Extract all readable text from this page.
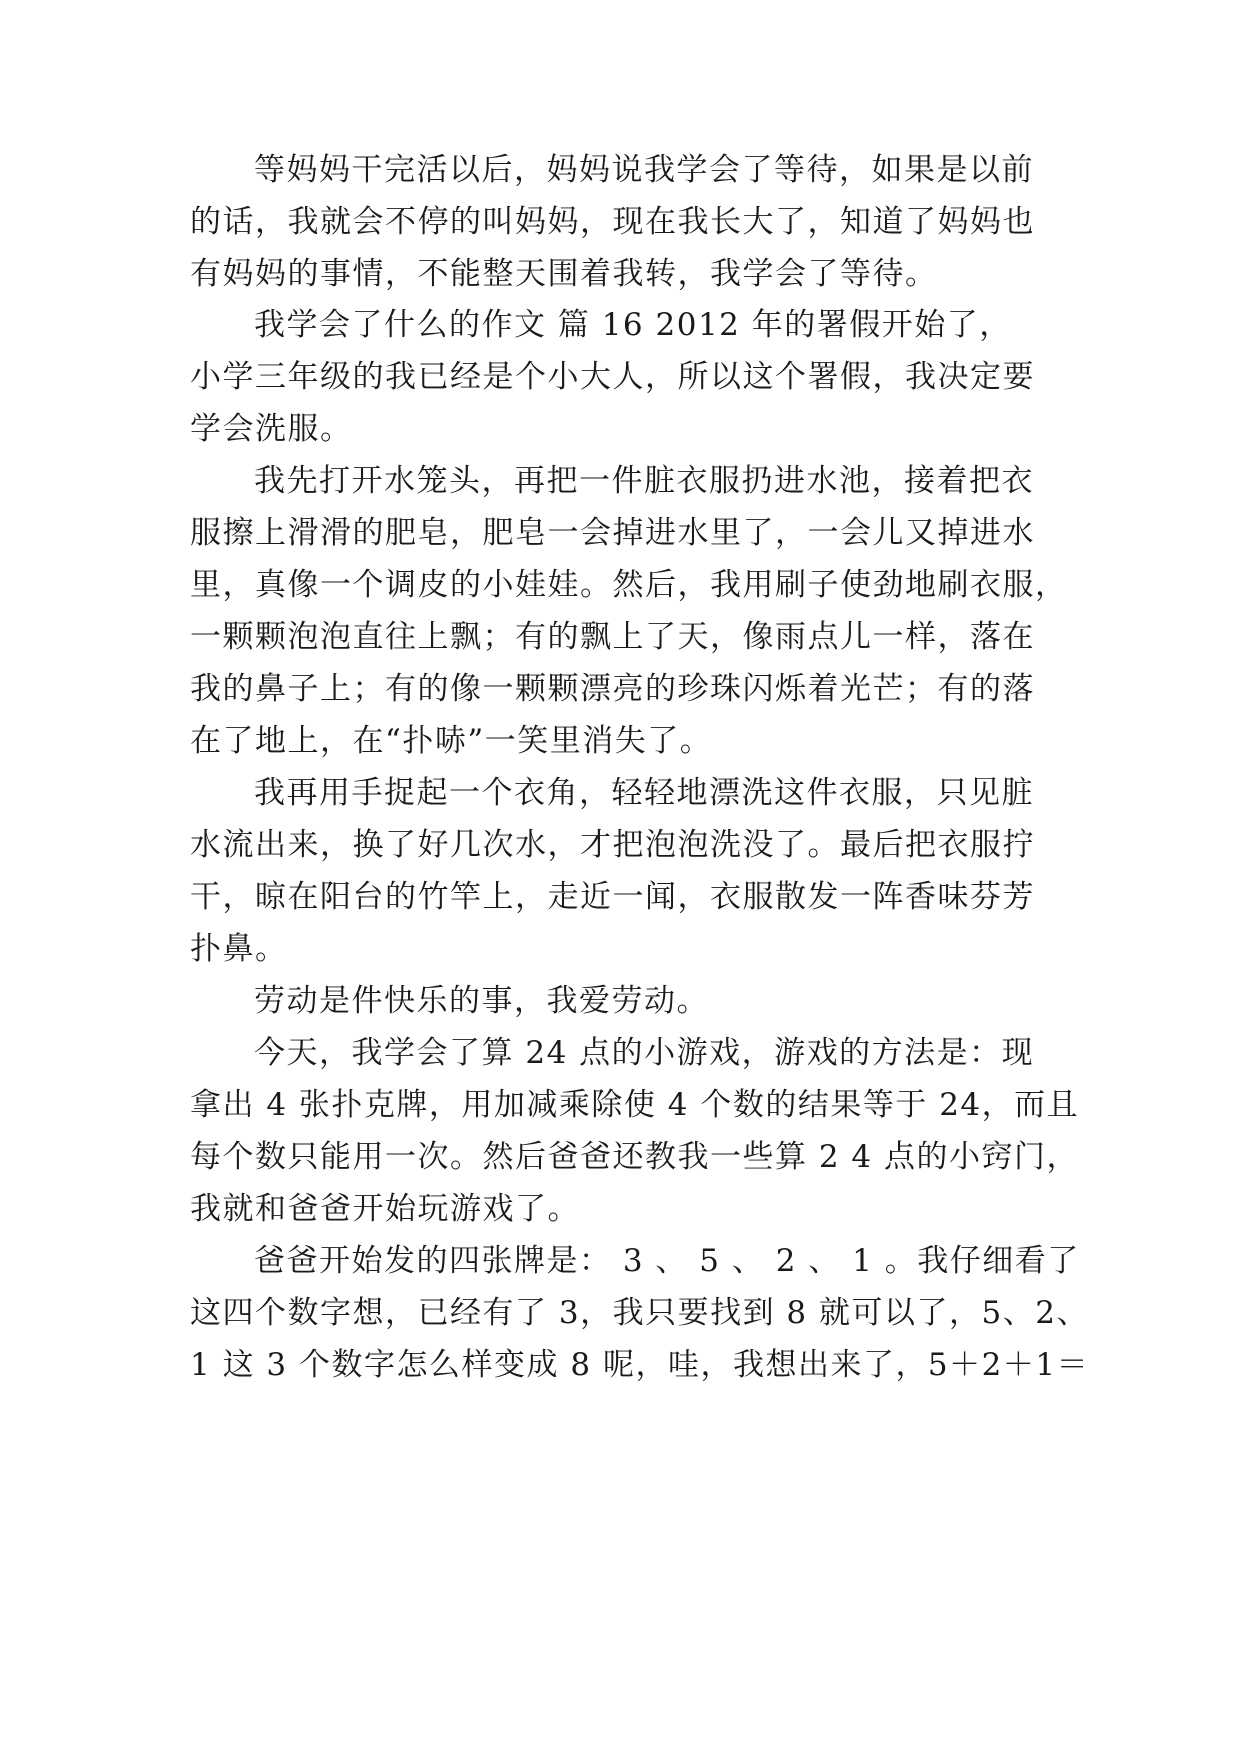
等妈妈干完活以后，妈妈说我学会了等待，如果是以前
的话，我就会不停的叫妈妈，现在我长大了，知道了妈妈也
有妈妈的事情，不能整天围着我转，我学会了等待。
我学会了什么的作文 篇 16 2012 年的署假开始了，
小学三年级的我已经是个小大人，所以这个署假，我决定要
学会洗服。
我先打开水笼头，再把一件脏衣服扔进水池，接着把衣
服擦上滑滑的肥皂，肥皂一会掉进水里了，一会儿又掉进水
里，真像一个调皮的小娃娃。然后，我用刷子使劲地刷衣服，
一颗颗泡泡直往上飘；有的飘上了天，像雨点儿一样，落在
我的鼻子上；有的像一颗颗漂亮的珍珠闪烁着光芒；有的落
在了地上，在“扑哧”一笑里消失了。
我再用手捉起一个衣角，轻轻地漂洗这件衣服，只见脏
水流出来，换了好几次水，才把泡泡洗没了。最后把衣服拧
干，晾在阳台的竹竿上，走近一闻，衣服散发一阵香味芬芳
扑鼻。
劳动是件快乐的事，我爱劳动。
今天，我学会了算 24 点的小游戏，游戏的方法是：现
拿出 4 张扑克牌，用加减乘除使 4 个数的结果等于 24，而且
每个数只能用一次。然后爸爸还教我一些算 2 4 点的小窍门，
我就和爸爸开始玩游戏了。
爸爸开始发的四张牌是： 3 、 5 、 2 、 1 。我仔细看了
这四个数字想，已经有了 3，我只要找到 8 就可以了，5、2、
1 这 3 个数字怎么样变成 8 呢，哇，我想出来了，5＋2＋1＝
